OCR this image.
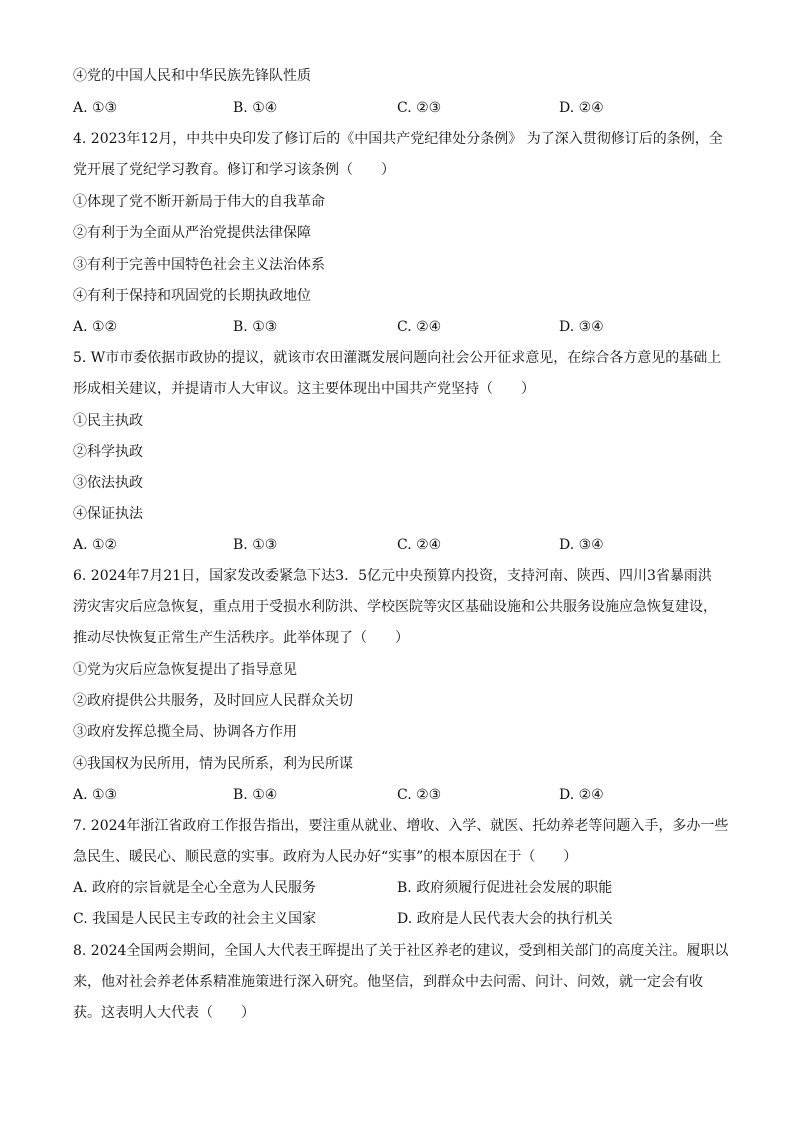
④党的中国人民和中华民族先锋队性质
A. ①③	B. ①④	C. ②③	D. ②④
4. 2023年12月，中共中央印发了修订后的《中国共产党纪律处分条例》 为了深入贯彻修订后的条例，全
党开展了党纪学习教育。修订和学习该条例（　　）
①体现了党不断开新局于伟大的自我革命
②有利于为全面从严治党提供法律保障
③有利于完善中国特色社会主义法治体系
④有利于保持和巩固党的长期执政地位
A. ①②	B. ①③	C. ②④	D. ③④
5. W市市委依据市政协的提议，就该市农田灌溉发展问题向社会公开征求意见，在综合各方意见的基础上
形成相关建议，并提请市人大审议。这主要体现出中国共产党坚持（　　）
①民主执政
②科学执政
③依法执政
④保证执法
A. ①②	B. ①③	C. ②④	D. ③④
6. 2024年7月21日，国家发改委紧急下达3．5亿元中央预算内投资，支持河南、陕西、四川3省暴雨洪
涝灾害灾后应急恢复，重点用于受损水利防洪、学校医院等灾区基础设施和公共服务设施应急恢复建设，
推动尽快恢复正常生产生活秩序。此举体现了（　　）
①党为灾后应急恢复提出了指导意见
②政府提供公共服务，及时回应人民群众关切
③政府发挥总揽全局、协调各方作用
④我国权为民所用，情为民所系，利为民所谋
A. ①③	B. ①④	C. ②③	D. ②④
7. 2024年浙江省政府工作报告指出，要注重从就业、增收、入学、就医、托幼养老等问题入手，多办一些
急民生、暖民心、顺民意的实事。政府为人民办好“实事”的根本原因在于（　　）
A. 政府的宗旨就是全心全意为人民服务	B. 政府须履行促进社会发展的职能
C. 我国是人民民主专政的社会主义国家	D. 政府是人民代表大会的执行机关
8. 2024全国两会期间，全国人大代表王晖提出了关于社区养老的建议，受到相关部门的高度关注。履职以
来，他对社会养老体系精准施策进行深入研究。他坚信，到群众中去问需、问计、问效，就一定会有收
获。这表明人大代表（　　）
